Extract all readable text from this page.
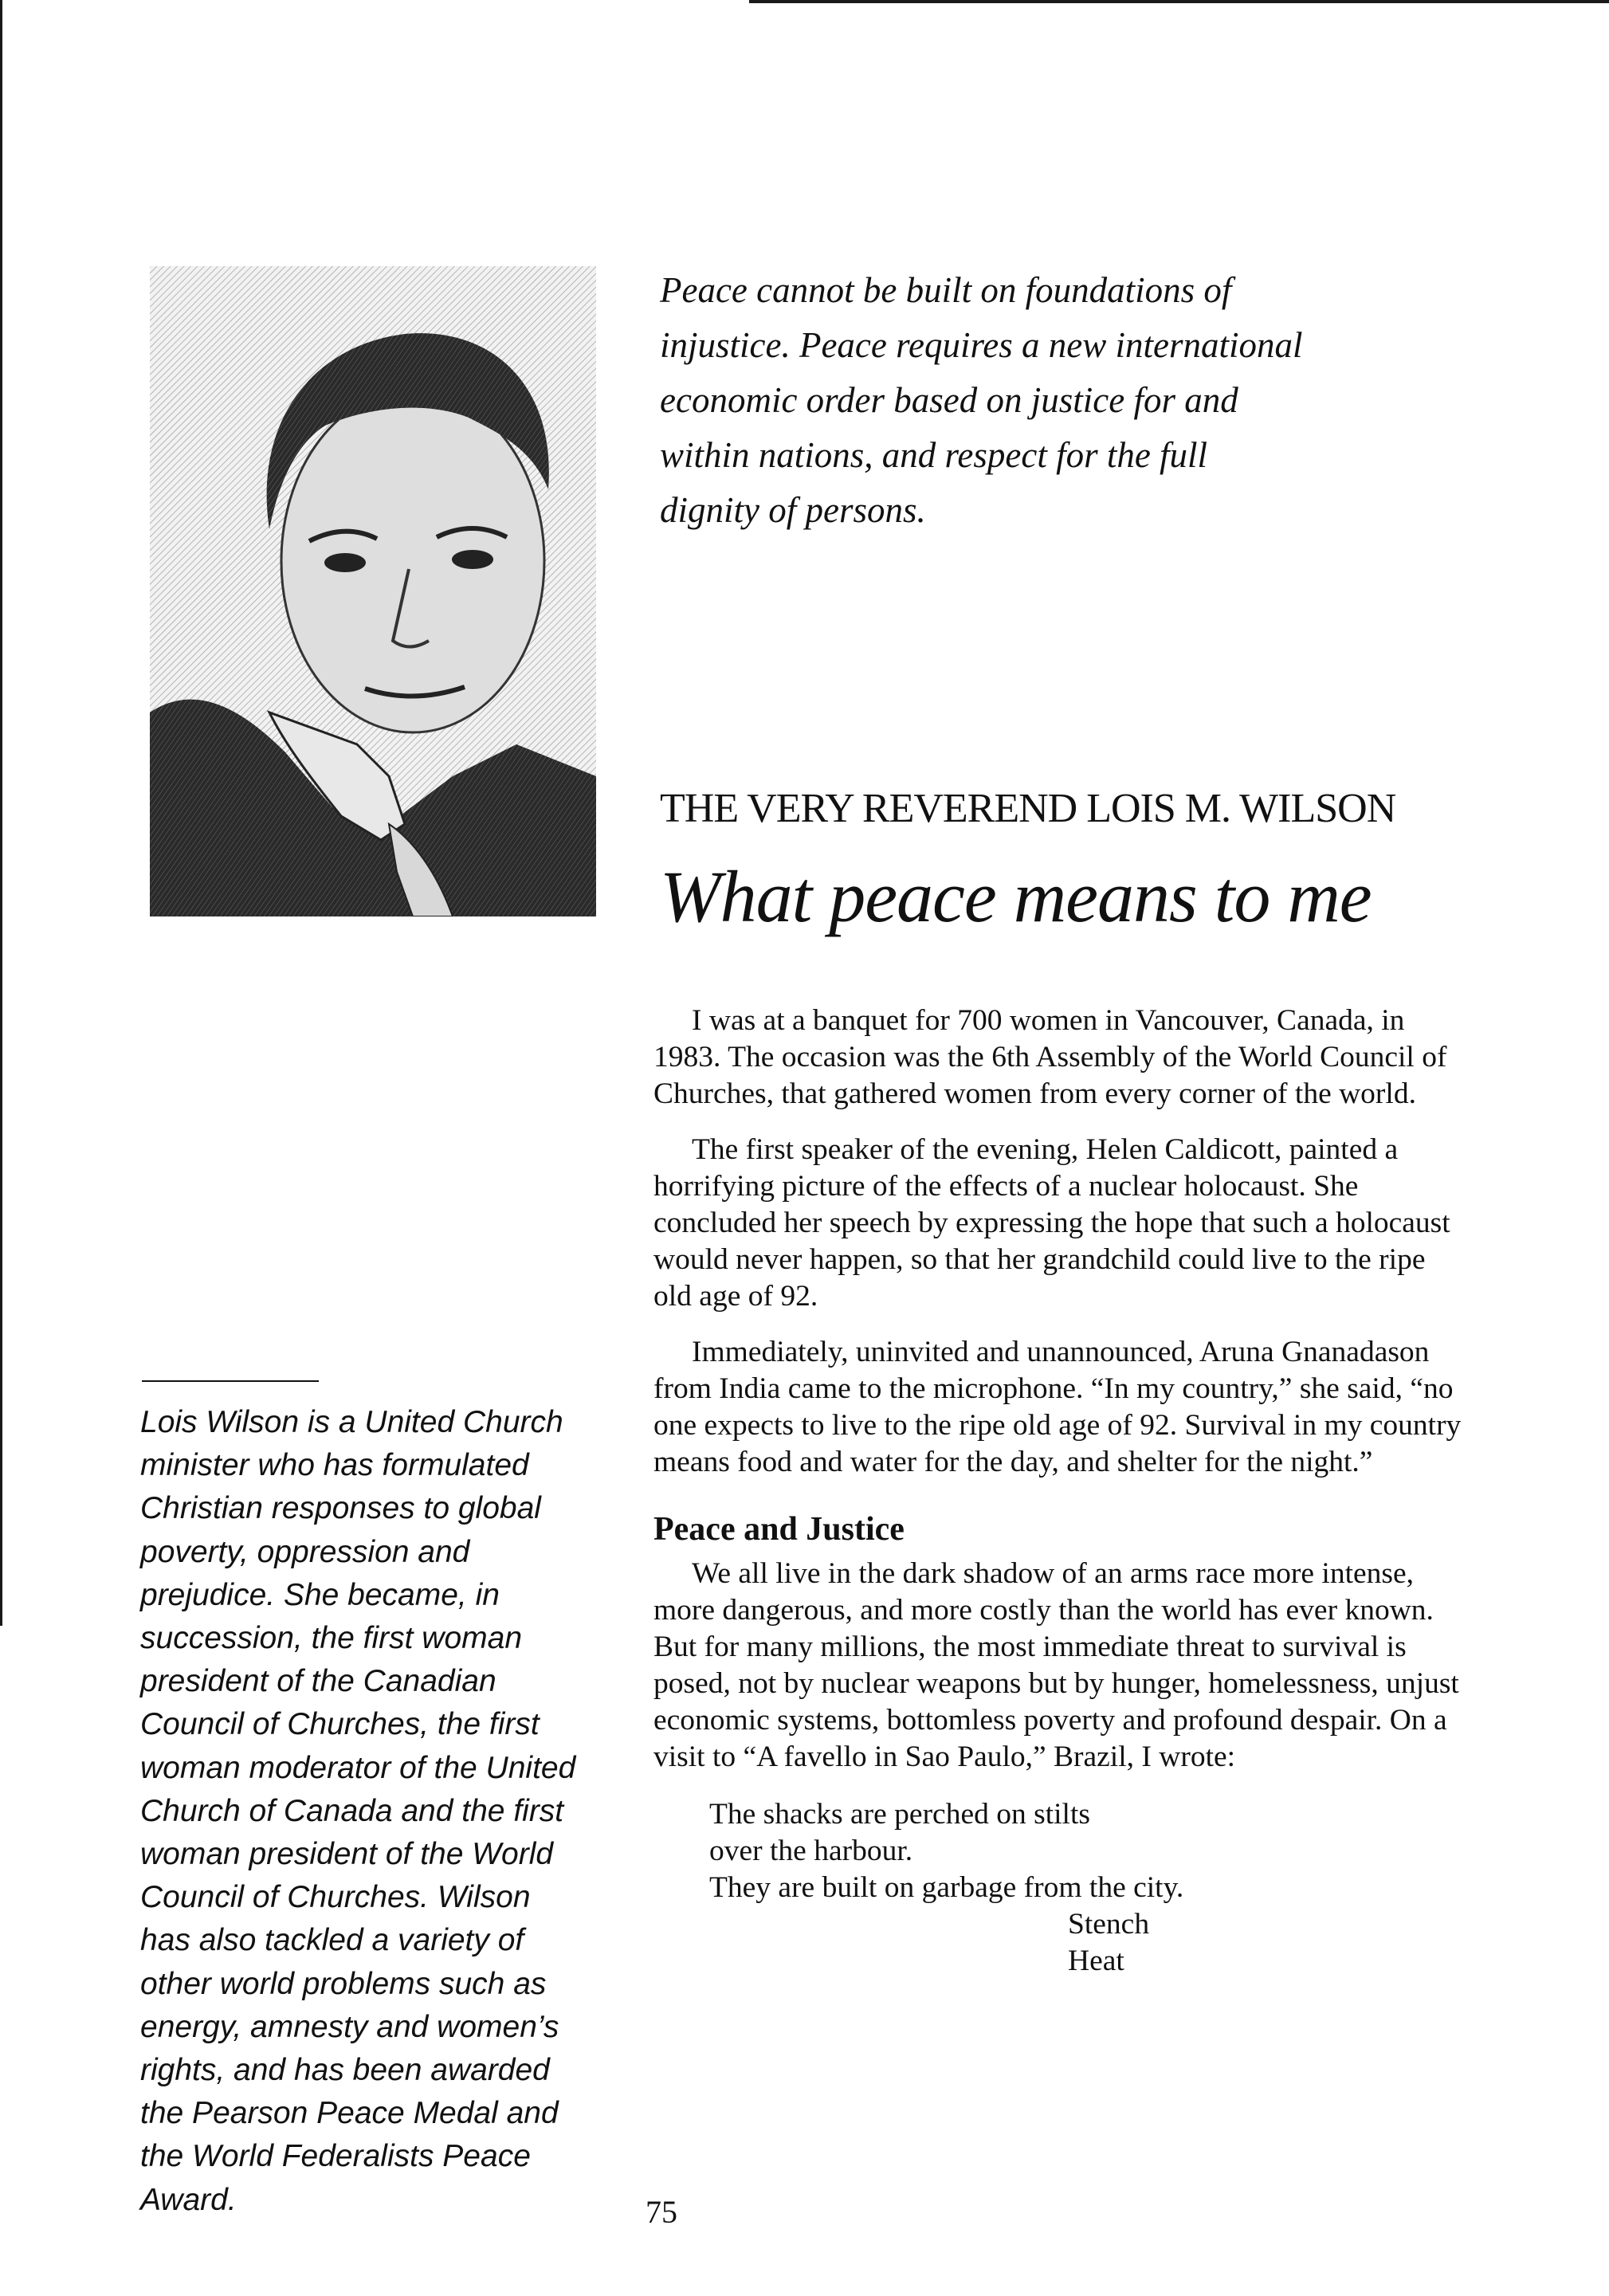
Peace cannot be built on foundations of injustice. Peace requires a new international economic order based on justice for and within nations, and respect for the full dignity of persons.

THE VERY REVEREND LOIS M. WILSON
What peace means to me

I was at a banquet for 700 women in Vancouver, Canada, in 1983. The occasion was the 6th Assembly of the World Council of Churches, that gathered women from every corner of the world.

The first speaker of the evening, Helen Caldicott, painted a horrifying picture of the effects of a nuclear holocaust. She concluded her speech by expressing the hope that such a holocaust would never happen, so that her grandchild could live to the ripe old age of 92.

Immediately, uninvited and unannounced, Aruna Gnanadason from India came to the microphone. “In my country,” she said, “no one expects to live to the ripe old age of 92. Survival in my country means food and water for the day, and shelter for the night.”

Peace and Justice

We all live in the dark shadow of an arms race more intense, more dangerous, and more costly than the world has ever known. But for many millions, the most immediate threat to survival is posed, not by nuclear weapons but by hunger, homelessness, unjust economic systems, bottomless poverty and profound despair. On a visit to “A favello in Sao Paulo,” Brazil, I wrote:

The shacks are perched on stilts
over the harbour.
They are built on garbage from the city.
Stench
Heat

Lois Wilson is a United Church minister who has formulated Christian responses to global poverty, oppression and prejudice. She became, in succession, the first woman president of the Canadian Council of Churches, the first woman moderator of the United Church of Canada and the first woman president of the World Council of Churches. Wilson has also tackled a variety of other world problems such as energy, amnesty and women’s rights, and has been awarded the Pearson Peace Medal and the World Federalists Peace Award.	75
